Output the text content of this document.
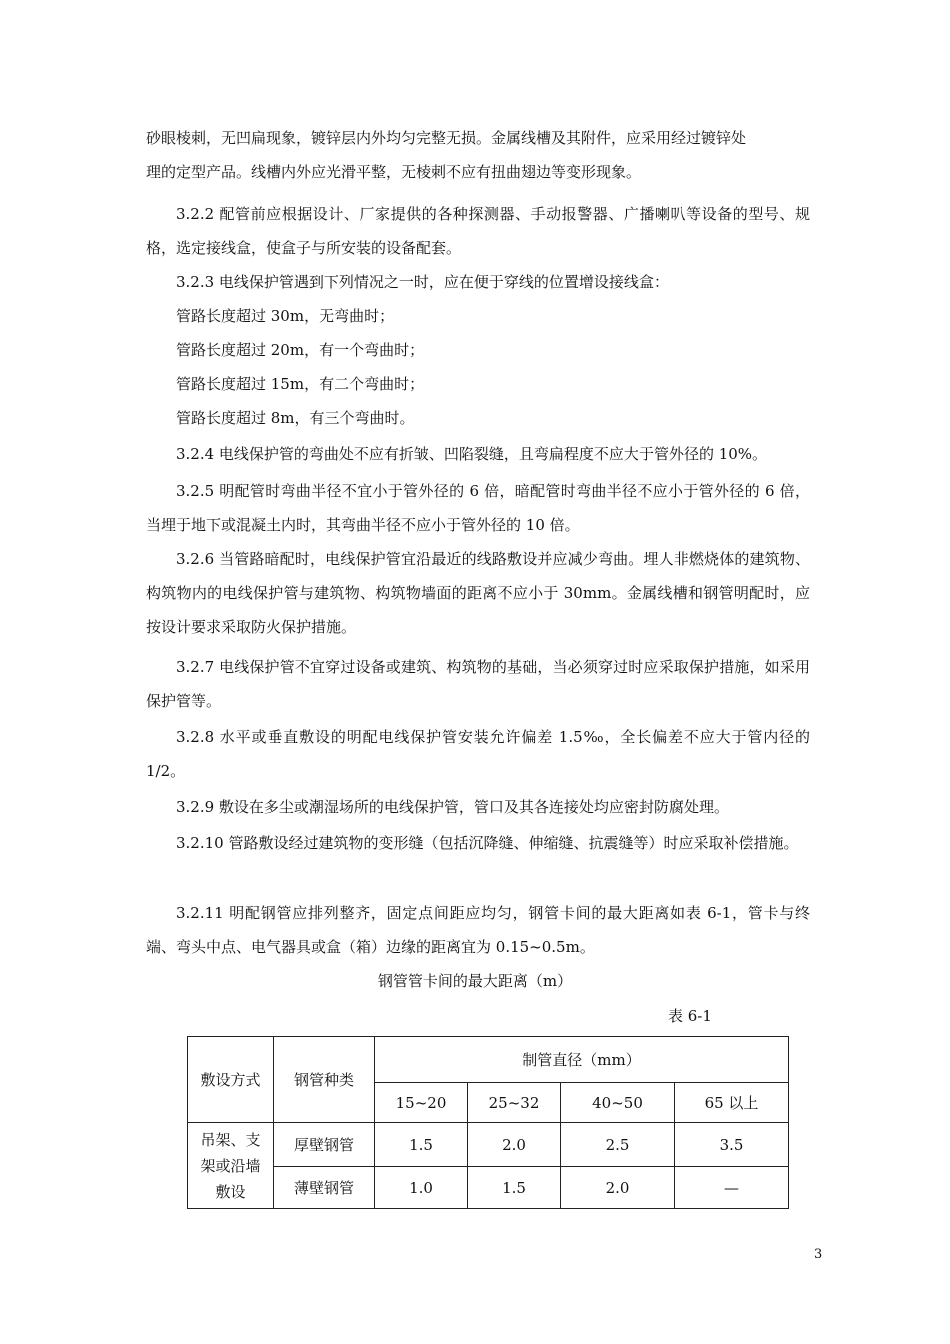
砂眼棱刺，无凹扁现象，镀锌层内外均匀完整无损。金属线槽及其附件，应采用经过镀锌处

理的定型产品。线槽内外应光滑平整，无棱刺不应有扭曲翅边等变形现象。

3.2.2 配管前应根据设计、厂家提供的各种探测器、手动报警器、广播喇叭等设备的型号、规格，选定接线盒，使盒子与所安装的设备配套。

3.2.3 电线保护管遇到下列情况之一时，应在便于穿线的位置增设接线盒：

管路长度超过 30m，无弯曲时；

管路长度超过 20m，有一个弯曲时；

管路长度超过 15m，有二个弯曲时；

管路长度超过 8m，有三个弯曲时。

3.2.4 电线保护管的弯曲处不应有折皱、凹陷裂缝，且弯扁程度不应大于管外径的 10%。

3.2.5 明配管时弯曲半径不宜小于管外径的 6 倍，暗配管时弯曲半径不应小于管外径的 6 倍，当埋于地下或混凝土内时，其弯曲半径不应小于管外径的 10 倍。

3.2.6 当管路暗配时，电线保护管宜沿最近的线路敷设并应减少弯曲。埋人非燃烧体的建筑物、构筑物内的电线保护管与建筑物、构筑物墙面的距离不应小于 30mm。金属线槽和钢管明配时，应按设计要求采取防火保护措施。

3.2.7 电线保护管不宜穿过设备或建筑、构筑物的基础，当必须穿过时应采取保护措施，如采用保护管等。

3.2.8 水平或垂直敷设的明配电线保护管安装允许偏差 1.5‰，全长偏差不应大于管内径的 1/2。

3.2.9 敷设在多尘或潮湿场所的电线保护管，管口及其各连接处均应密封防腐处理。

3.2.10 管路敷设经过建筑物的变形缝（包括沉降缝、伸缩缝、抗震缝等）时应采取补偿措施。

3.2.11 明配钢管应排列整齐，固定点间距应均匀，钢管卡间的最大距离如表 6-1，管卡与终端、弯头中点、电气器具或盒（箱）边缘的距离宜为 0.15~0.5m。

钢管管卡间的最大距离（m）
表 6-1
敷设方式	钢管种类	制管直径（mm）			
		15~20	25~32	40~50	65 以上

吊架、支
架或沿墙
敷设	厚壁钢管	1.5	2.0	2.5	3.5
	薄壁钢管	1.0	1.5	2.0	—
3
